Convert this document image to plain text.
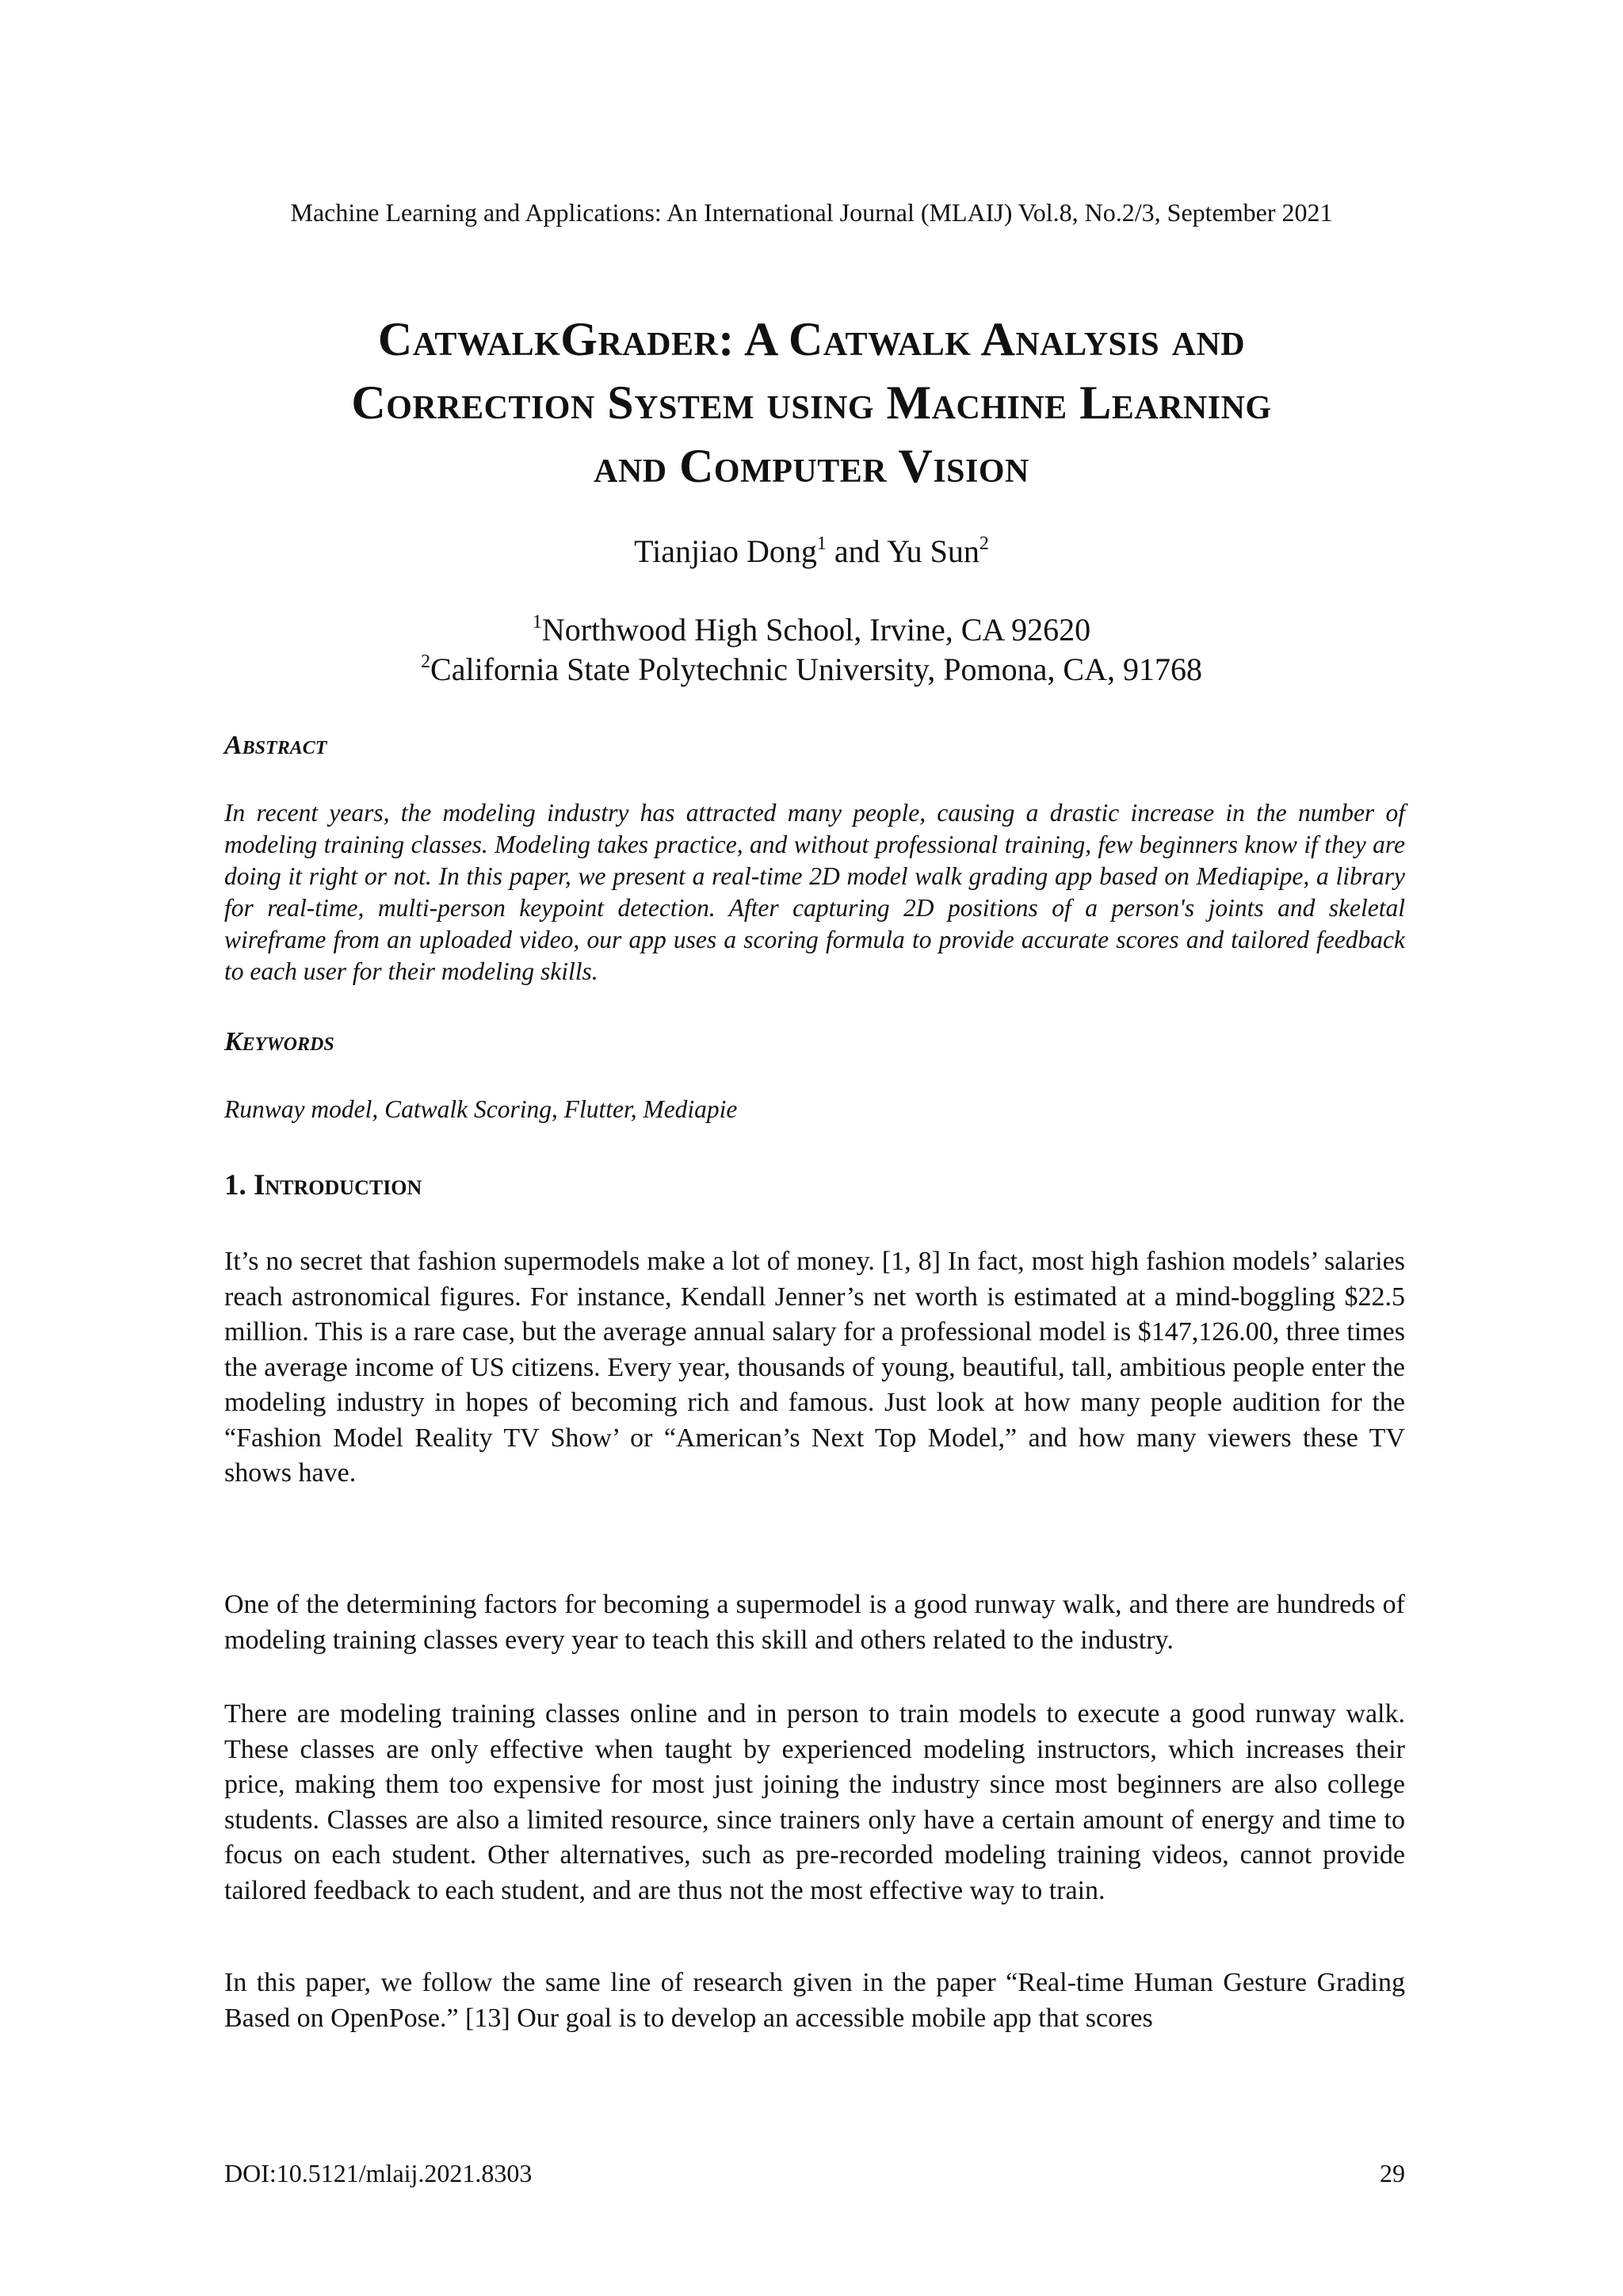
Machine Learning and Applications: An International Journal (MLAIJ) Vol.8, No.2/3, September 2021
CatwalkGrader: A Catwalk Analysis and
Correction System using Machine Learning
and Computer Vision
Tianjiao Dong$^1$ and Yu Sun$^2$
$^1$Northwood High School, Irvine, CA 92620
$^2$California State Polytechnic University, Pomona, CA, 91768
Abstract
In recent years, the modeling industry has attracted many people, causing a drastic increase in the number of modeling training classes. Modeling takes practice, and without professional training, few beginners know if they are doing it right or not. In this paper, we present a real-time 2D model walk grading app based on Mediapipe, a library for real-time, multi-person keypoint detection. After capturing 2D positions of a person's joints and skeletal wireframe from an uploaded video, our app uses a scoring formula to provide accurate scores and tailored feedback to each user for their modeling skills.
Keywords
Runway model, Catwalk Scoring, Flutter, Mediapie
1. Introduction

It’s no secret that fashion supermodels make a lot of money. [1, 8] In fact, most high fashion models’ salaries reach astronomical figures. For instance, Kendall Jenner’s net worth is estimated at a mind-boggling $22.5 million. This is a rare case, but the average annual salary for a professional model is $147,126.00, three times the average income of US citizens. Every year, thousands of young, beautiful, tall, ambitious people enter the modeling industry in hopes of becoming rich and famous. Just look at how many people audition for the “Fashion Model Reality TV Show’ or “American’s Next Top Model,” and how many viewers these TV shows have.

One of the determining factors for becoming a supermodel is a good runway walk, and there are hundreds of modeling training classes every year to teach this skill and others related to the industry.

There are modeling training classes online and in person to train models to execute a good runway walk. These classes are only effective when taught by experienced modeling instructors, which increases their price, making them too expensive for most just joining the industry since most beginners are also college students. Classes are also a limited resource, since trainers only have a certain amount of energy and time to focus on each student. Other alternatives, such as pre-recorded modeling training videos, cannot provide tailored feedback to each student, and are thus not the most effective way to train.

In this paper, we follow the same line of research given in the paper “Real-time Human Gesture Grading Based on OpenPose.” [13] Our goal is to develop an accessible mobile app that scores

DOI:10.5121/mlaij.2021.8303	29
